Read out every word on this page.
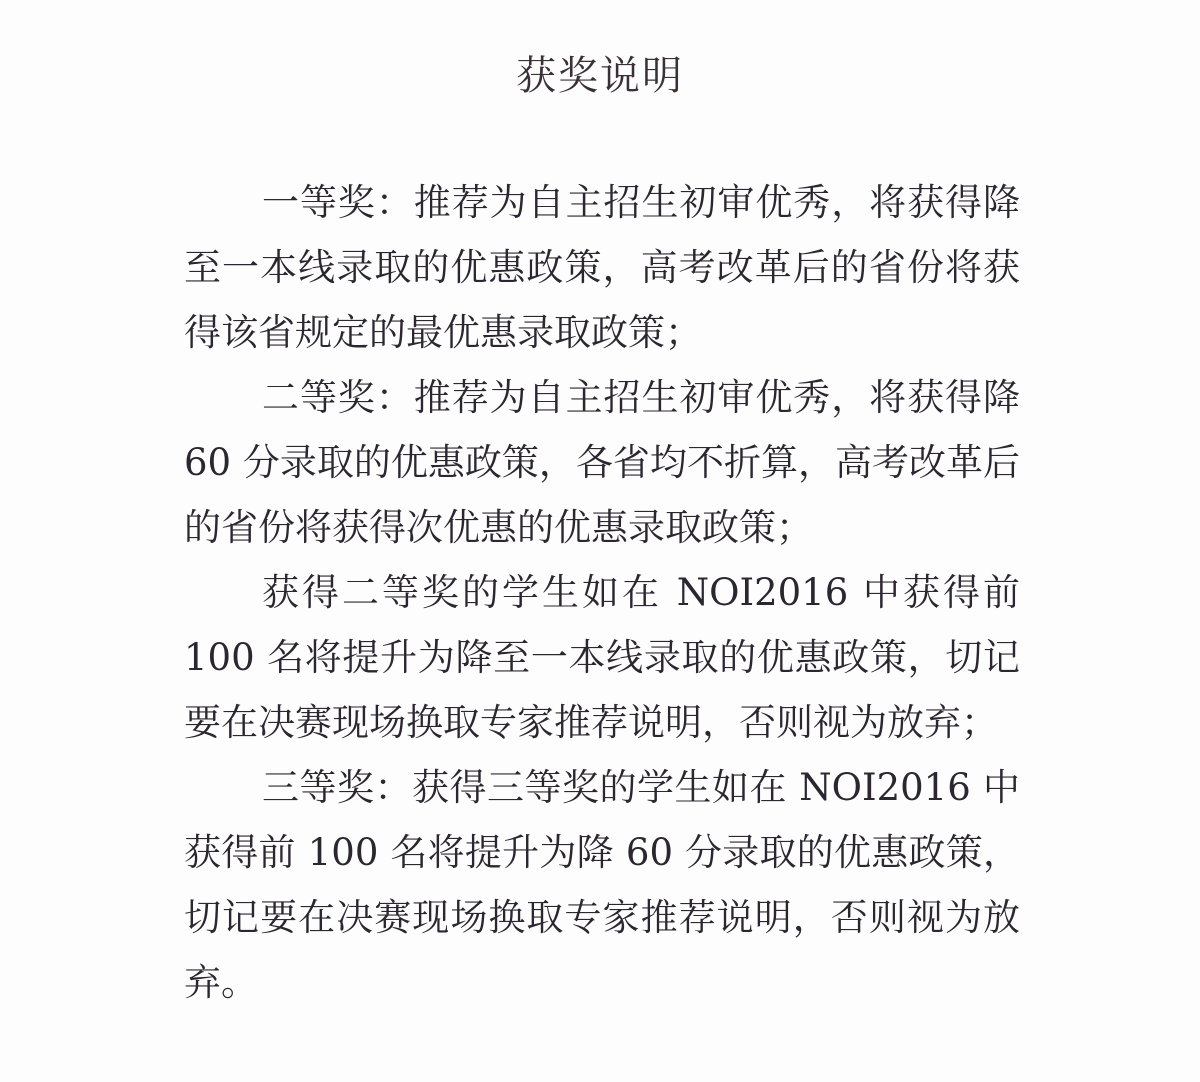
获奖说明

一等奖：推荐为自主招生初审优秀，将获得降至一本线录取的优惠政策，高考改革后的省份将获得该省规定的最优惠录取政策；

二等奖：推荐为自主招生初审优秀，将获得降 60 分录取的优惠政策，各省均不折算，高考改革后的省份将获得次优惠的优惠录取政策；

获得二等奖的学生如在 NOI2016 中获得前100 名将提升为降至一本线录取的优惠政策，切记要在决赛现场换取专家推荐说明，否则视为放弃；

三等奖：获得三等奖的学生如在 NOI2016 中获得前 100 名将提升为降 60 分录取的优惠政策，切记要在决赛现场换取专家推荐说明，否则视为放弃。
